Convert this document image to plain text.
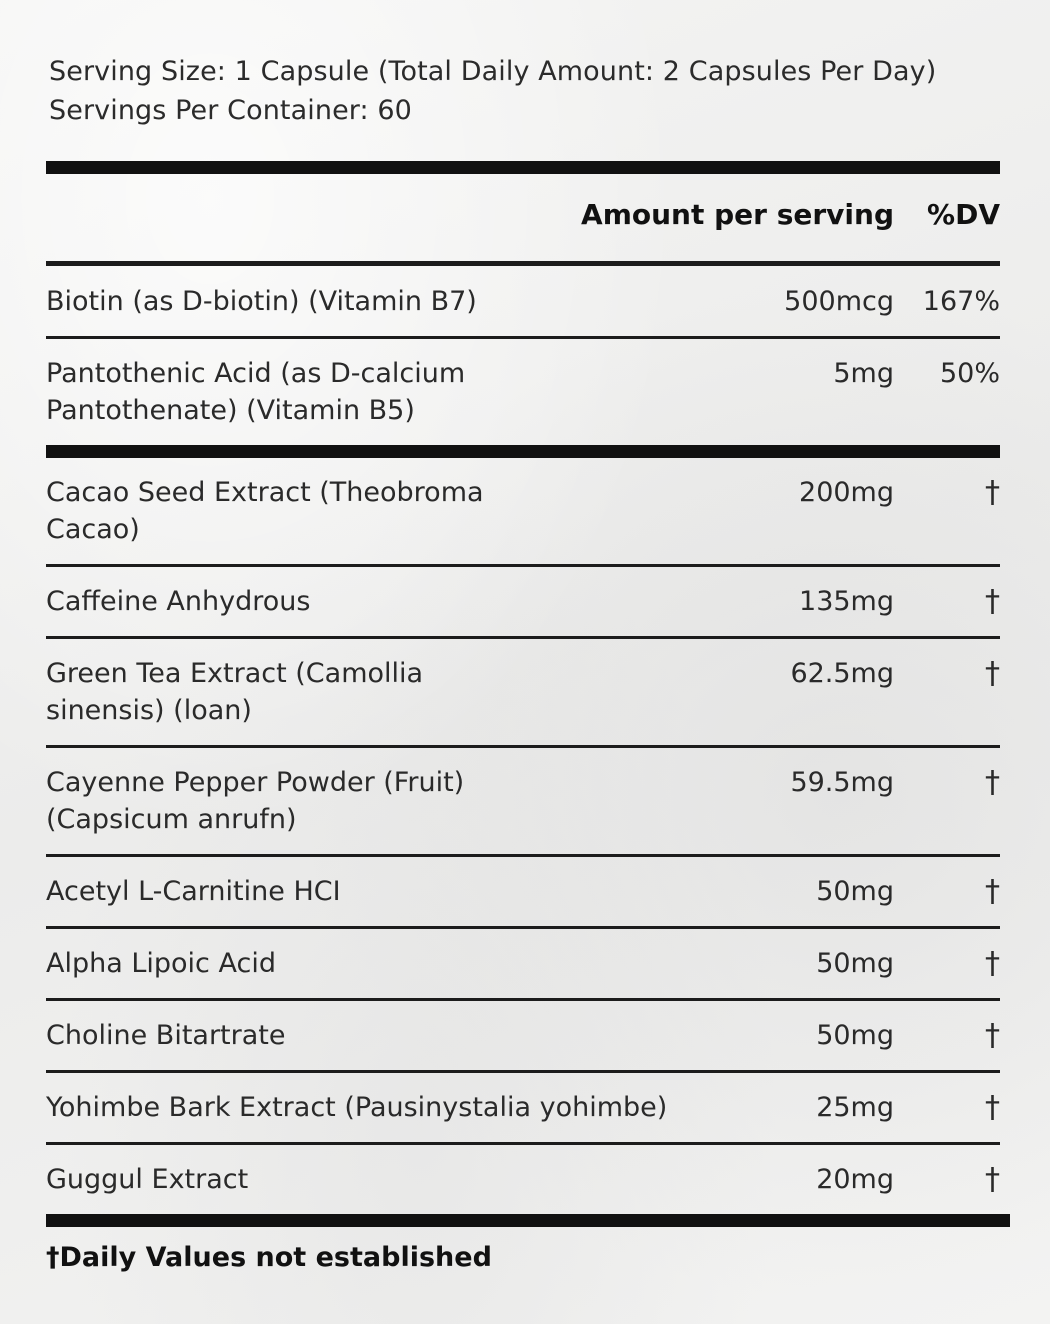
Serving Size: 1 Capsule (Total Daily Amount: 2 Capsules Per Day)
Servings Per Container: 60
Amount per serving %DV
Biotin (as D-biotin) (Vitamin B7)	500mcg 167%
Pantothenic Acid (as D-calcium Pantothenate) (Vitamin B5)
5mg 50%
Cacao Seed Extract (Theobroma Cacao)
200mg	†
Caffeine Anhydrous	135mg	†
Green Tea Extract (Camollia sinensis) (loan)
62.5mg	†
Cayenne Pepper Powder (Fruit) (Capsicum anrufn)
59.5mg	†
Acetyl L-Carnitine HCI	50mg	†
Alpha Lipoic Acid	50mg	†
Choline Bitartrate	50mg	†
Yohimbe Bark Extract (Pausinystalia yohimbe)	25mg	†
Guggul Extract	20mg	†
†Daily Values not established
